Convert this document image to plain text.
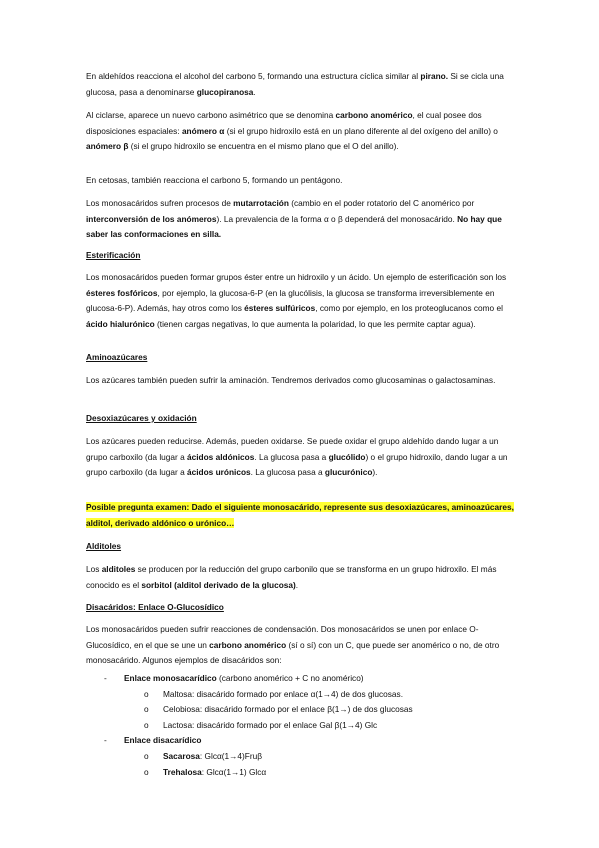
En aldehídos reacciona el alcohol del carbono 5, formando una estructura cíclica similar al pirano. Si se cicla una glucosa, pasa a denominarse glucopiranosa.

Al ciclarse, aparece un nuevo carbono asimétrico que se denomina carbono anomérico, el cual posee dos disposiciones espaciales: anómero α (si el grupo hidroxilo está en un plano diferente al del oxígeno del anillo) o anómero β (si el grupo hidroxilo se encuentra en el mismo plano que el O del anillo).

En cetosas, también reacciona el carbono 5, formando un pentágono.

Los monosacáridos sufren procesos de mutarrotación (cambio en el poder rotatorio del C anomérico por interconversión de los anómeros). La prevalencia de la forma α o β dependerá del monosacárido. No hay que saber las conformaciones en silla.

Esterificación

Los monosacáridos pueden formar grupos éster entre un hidroxilo y un ácido. Un ejemplo de esterificación son los ésteres fosfóricos, por ejemplo, la glucosa-6-P (en la glucólisis, la glucosa se transforma irreversiblemente en glucosa-6-P). Además, hay otros como los ésteres sulfúricos, como por ejemplo, en los proteoglucanos como el ácido hialurónico (tienen cargas negativas, lo que aumenta la polaridad, lo que les permite captar agua).

Aminoazúcares

Los azúcares también pueden sufrir la aminación. Tendremos derivados como glucosaminas o galactosaminas.

Desoxiazúcares y oxidación

Los azúcares pueden reducirse. Además, pueden oxidarse. Se puede oxidar el grupo aldehído dando lugar a un grupo carboxilo (da lugar a ácidos aldónicos. La glucosa pasa a glucólido) o el grupo hidroxilo, dando lugar a un grupo carboxilo (da lugar a ácidos urónicos. La glucosa pasa a glucurónico).

Posible pregunta examen: Dado el siguiente monosacárido, represente sus desoxiazúcares, aminoazúcares, alditol, derivado aldónico o urónico…

Alditoles

Los alditoles se producen por la reducción del grupo carbonilo que se transforma en un grupo hidroxilo. El más conocido es el sorbitol (alditol derivado de la glucosa).

Disacáridos: Enlace O-Glucosídico

Los monosacáridos pueden sufrir reacciones de condensación. Dos monosacáridos se unen por enlace O-Glucosídico, en el que se une un carbono anomérico (sí o sí) con un C, que puede ser anomérico o no, de otro monosacárido. Algunos ejemplos de disacáridos son:

- Enlace monosacarídico (carbono anomérico + C no anomérico)

o Maltosa: disacárido formado por enlace α(1→4) de dos glucosas.

o Celobiosa: disacárido formado por el enlace β(1→) de dos glucosas

o Lactosa: disacárido formado por el enlace Gal β(1→4) Glc

- Enlace disacarídico

o Sacarosa: Glcα(1→4)Fruβ

o Trehalosa: Glcα(1→1) Glcα
